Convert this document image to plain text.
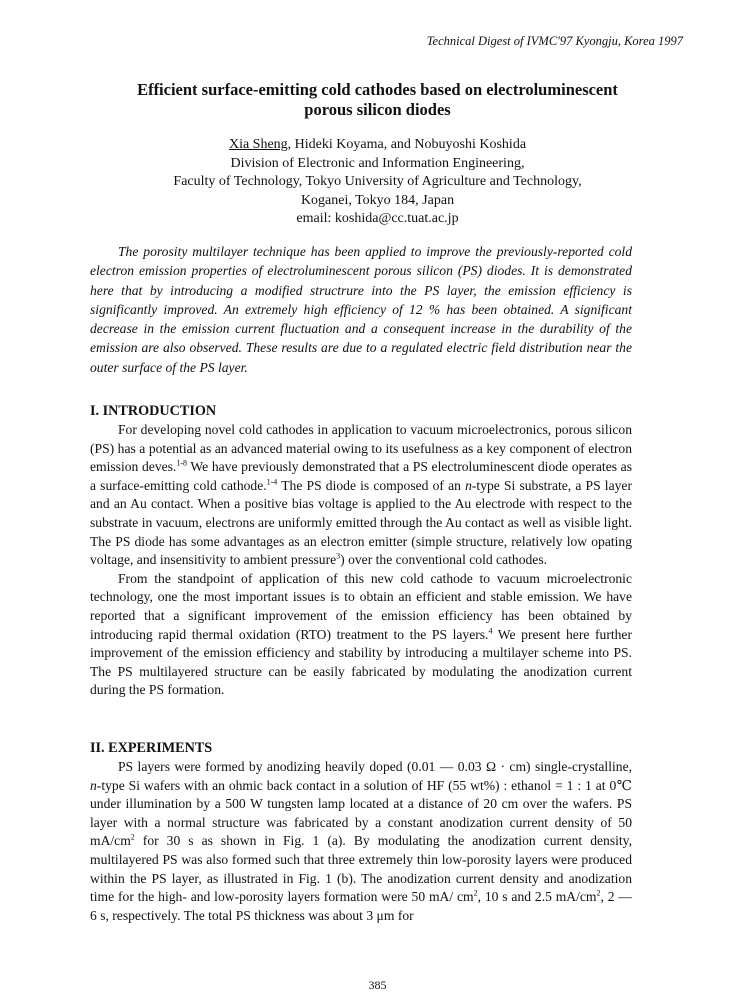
Technical Digest of IVMC'97 Kyongju, Korea 1997
Efficient surface-emitting cold cathodes based on electroluminescent
porous silicon diodes
Xia Sheng, Hideki Koyama, and Nobuyoshi Koshida
Division of Electronic and Information Engineering,
Faculty of Technology, Tokyo University of Agriculture and Technology,
Koganei, Tokyo 184, Japan
email: koshida@cc.tuat.ac.jp

The porosity multilayer technique has been applied to improve the previously-reported cold electron emission properties of electroluminescent porous silicon (PS) diodes. It is demonstrated here that by introducing a modified structrure into the PS layer, the emission efficiency is significantly improved. An extremely high efficiency of 12 % has been obtained. A significant decrease in the emission current fluctuation and a consequent increase in the durability of the emission are also observed. These results are due to a regulated electric field distribution near the outer surface of the PS layer.

I. INTRODUCTION

For developing novel cold cathodes in application to vacuum microelectronics, porous silicon (PS) has a potential as an advanced material owing to its usefulness as a key component of electron emission deves.$^{1-8}$ We have previously demonstrated that a PS electroluminescent diode operates as a surface-emitting cold cathode.$^{1-4}$ The PS diode is composed of an n-type Si substrate, a PS layer and an Au contact. When a positive bias voltage is applied to the Au electrode with respect to the substrate in vacuum, electrons are uniformly emitted through the Au contact as well as visible light. The PS diode has some advantages as an electron emitter (simple structure, relatively low opating voltage, and insensitivity to ambient pressure$^3$) over the conventional cold cathodes.

From the standpoint of application of this new cold cathode to vacuum microelectronic technology, one the most important issues is to obtain an efficient and stable emission. We have reported that a significant improvement of the emission efficiency has been obtained by introducing rapid thermal oxidation (RTO) treatment to the PS layers.$^4$ We present here further improvement of the emission efficiency and stability by introducing a multilayer scheme into PS. The PS multilayered structure can be easily fabricated by modulating the anodization current during the PS formation.

II. EXPERIMENTS

PS layers were formed by anodizing heavily doped (0.01 — 0.03 Ω · cm) single-crystalline, n-type Si wafers with an ohmic back contact in a solution of HF (55 wt%) : ethanol = 1 : 1 at 0℃ under illumination by a 500 W tungsten lamp located at a distance of 20 cm over the wafers. PS layer with a normal structure was fabricated by a constant anodization current density of 50 $mA/cm^2$ for 30 s as shown in Fig. 1 (a). By modulating the anodization current density, multilayered PS was also formed such that three extremely thin low-porosity layers were produced within the PS layer, as illustrated in Fig. 1 (b). The anodization current density and anodization time for the high- and low-porosity layers formation were 50 mA/ $cm^2$, 10 s and 2.5 $mA/cm^2$, 2 — 6 s, respectively. The total PS thickness was about 3 μm for

385
